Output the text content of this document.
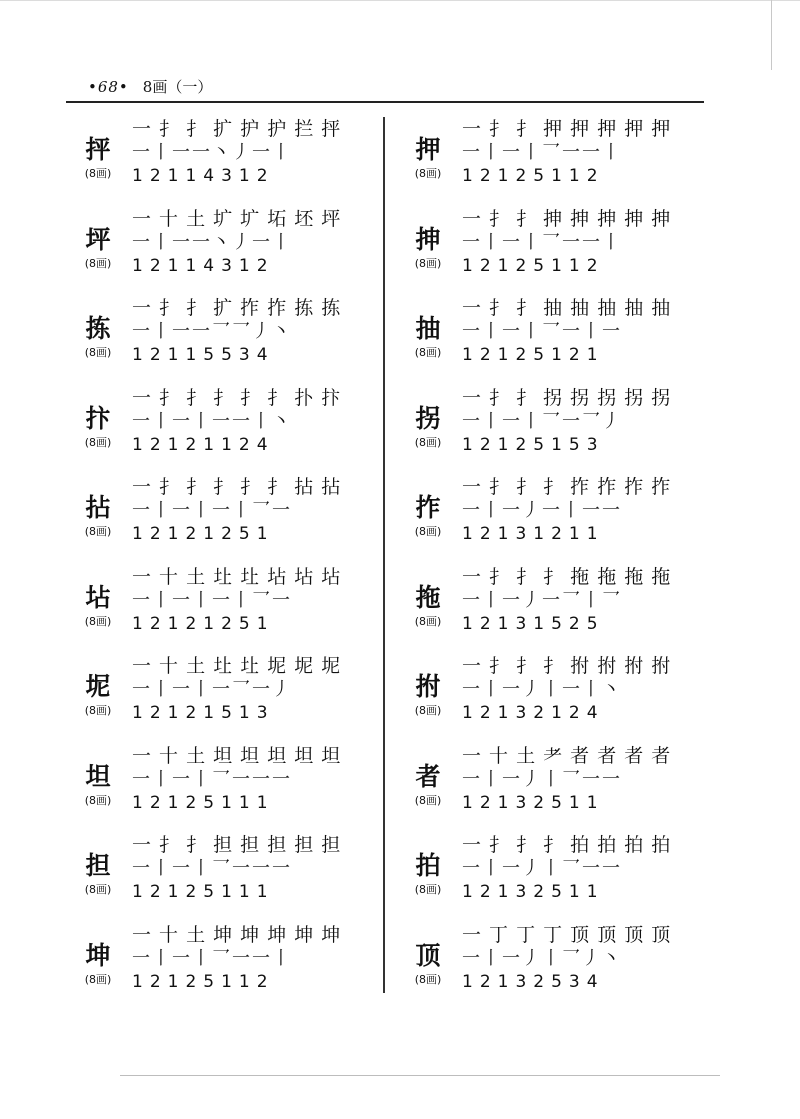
•68• 8画（一）
抨
(8画)
一 扌 扌 扩 护 护 拦 抨
一丨一一丶丿一丨
12114312
坪
(8画)
一 十 土 圹 圹 坧 坯 坪
一丨一一丶丿一丨
12114312
拣
(8画)
一 扌 扌 扩 拃 拃 拣 拣
一丨一一乛乛丿丶
12115534
抃
(8画)
一 扌 扌 扌 扌 扌 扑 抃
一丨一丨一一丨丶
12121124
拈
(8画)
一 扌 扌 扌 扌 扌 拈 拈
一丨一丨一丨乛一
12121251
坫
(8画)
一 十 土 圵 圵 坫 坫 坫
一丨一丨一丨乛一
12121251
坭
(8画)
一 十 土 圵 圵 坭 坭 坭
一丨一丨一乛一丿
12121513
坦
(8画)
一 十 土 坦 坦 坦 坦 坦
一丨一丨乛一一一
12125111
担
(8画)
一 扌 扌 担 担 担 担 担
一丨一丨乛一一一
12125111
坤
(8画)
一 十 土 坤 坤 坤 坤 坤
一丨一丨乛一一丨
12125112
押
(8画)
一 扌 扌 押 押 押 押 押
一丨一丨乛一一丨
12125112
抻
(8画)
一 扌 扌 抻 抻 抻 抻 抻
一丨一丨乛一一丨
12125112
抽
(8画)
一 扌 扌 抽 抽 抽 抽 抽
一丨一丨乛一丨一
12125121
拐
(8画)
一 扌 扌 拐 拐 拐 拐 拐
一丨一丨乛一乛丿
12125153
拃
(8画)
一 扌 扌 扌 拃 拃 拃 拃
一丨一丿一丨一一
12131211
拖
(8画)
一 扌 扌 扌 拖 拖 拖 拖
一丨一丿一乛丨乛
12131525
拊
(8画)
一 扌 扌 扌 拊 拊 拊 拊
一丨一丿丨一丨丶
12132124
者
(8画)
一 十 土 耂 者 者 者 者
一丨一丿丨乛一一
12132511
拍
(8画)
一 扌 扌 扌 拍 拍 拍 拍
一丨一丿丨乛一一
12132511
顶
(8画)
一 丁 丁 丁 顶 顶 顶 顶
一丨一丿丨乛丿丶
12132534
